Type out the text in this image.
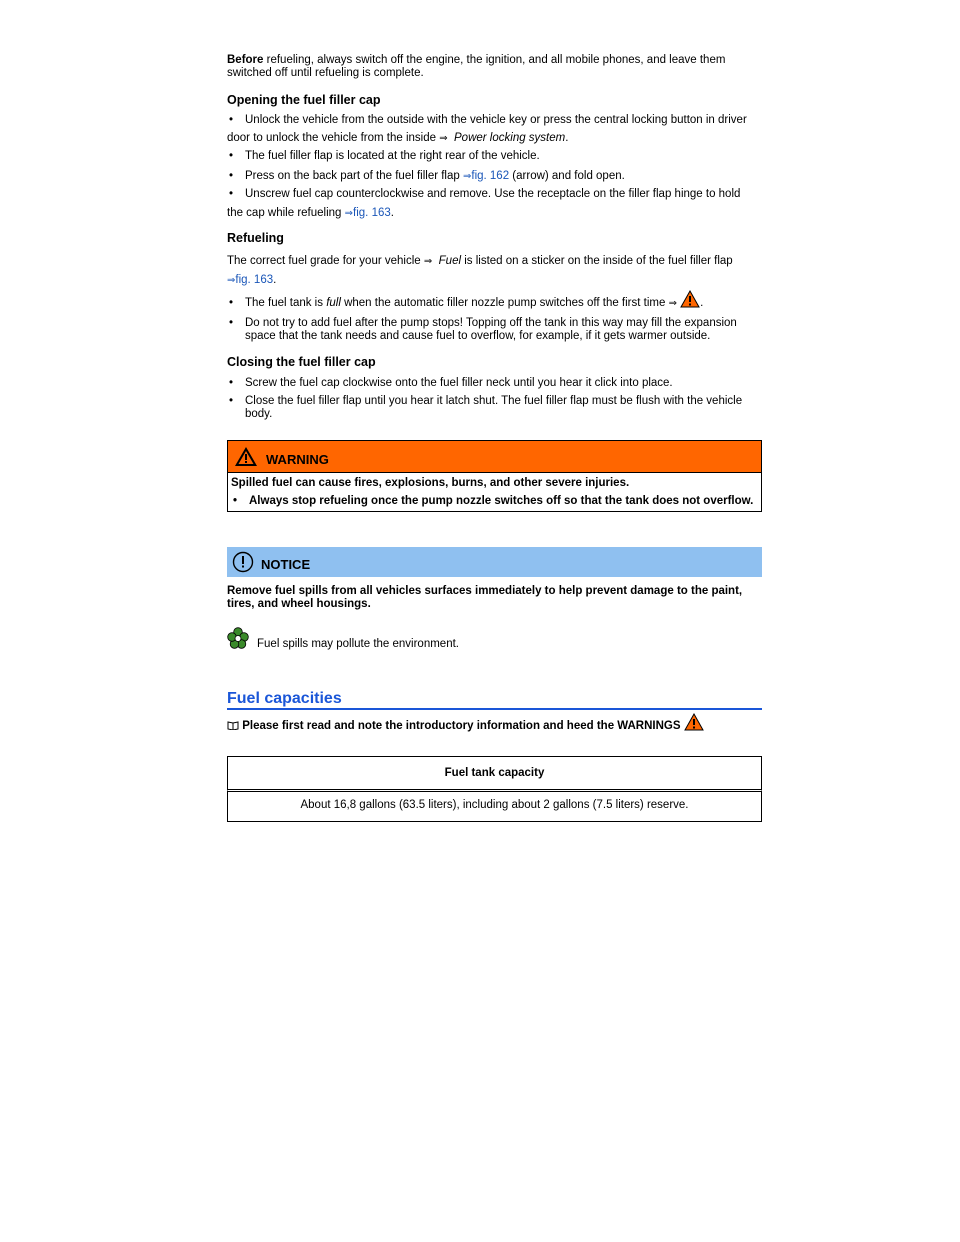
Before refueling, always switch off the engine, the ignition, and all mobile phones, and leave them switched off until refueling is complete.

Opening the fuel filler cap

• Unlock the vehicle from the outside with the vehicle key or press the central locking button in driver

door to unlock the vehicle from the inside ⇒ Power locking system.

• The fuel filler flap is located at the right rear of the vehicle.

• Press on the back part of the fuel filler flap ⇒fig. 162 (arrow) and fold open.

• Unscrew fuel cap counterclockwise and remove. Use the receptacle on the filler flap hinge to hold

the cap while refueling ⇒fig. 163.

Refueling

The correct fuel grade for your vehicle ⇒ Fuel is listed on a sticker on the inside of the fuel filler flap

⇒fig. 163.

• The fuel tank is full when the automatic filler nozzle pump switches off the first time ⇒ .

• Do not try to add fuel after the pump stops! Topping off the tank in this way may fill the expansion space that the tank needs and cause fuel to overflow, for example, if it gets warmer outside.

Closing the fuel filler cap

• Screw the fuel cap clockwise onto the fuel filler neck until you hear it click into place.

• Close the fuel filler flap until you hear it latch shut. The fuel filler flap must be flush with the vehicle body.

WARNING

Spilled fuel can cause fires, explosions, burns, and other severe injuries.

• Always stop refueling once the pump nozzle switches off so that the tank does not overflow.

NOTICE

Remove fuel spills from all vehicles surfaces immediately to help prevent damage to the paint, tires, and wheel housings.

Fuel spills may pollute the environment.

Fuel capacities
Please first read and note the introductory information and heed the WARNINGS

Fuel tank capacity

About 16,8 gallons (63.5 liters), including about 2 gallons (7.5 liters) reserve.
